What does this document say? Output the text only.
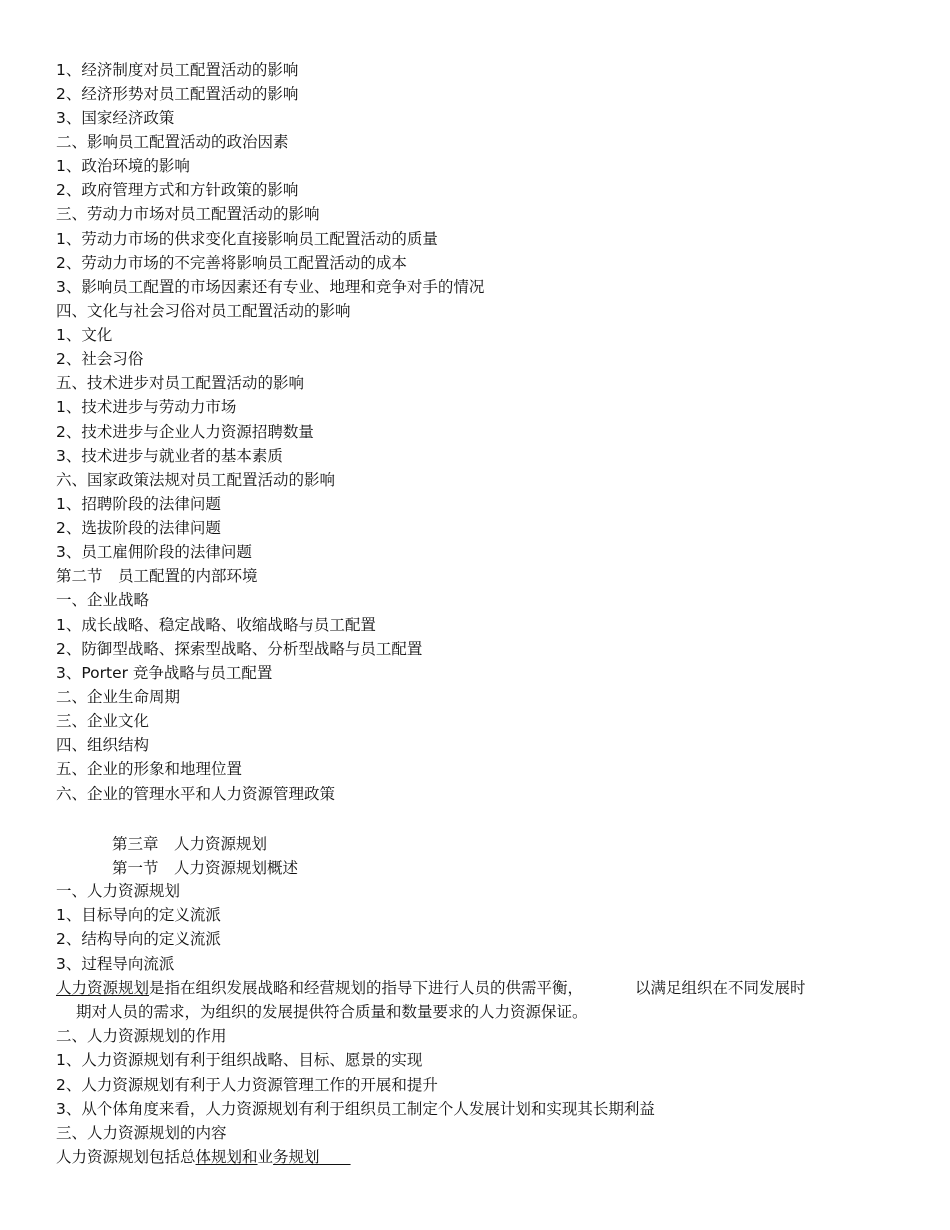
1、经济制度对员工配置活动的影响
2、经济形势对员工配置活动的影响
3、国家经济政策
二、影响员工配置活动的政治因素
1、政治环境的影响
2、政府管理方式和方针政策的影响
三、劳动力市场对员工配置活动的影响
1、劳动力市场的供求变化直接影响员工配置活动的质量
2、劳动力市场的不完善将影响员工配置活动的成本
3、影响员工配置的市场因素还有专业、地理和竞争对手的情况
四、文化与社会习俗对员工配置活动的影响
1、文化
2、社会习俗
五、技术进步对员工配置活动的影响
1、技术进步与劳动力市场
2、技术进步与企业人力资源招聘数量
3、技术进步与就业者的基本素质
六、国家政策法规对员工配置活动的影响
1、招聘阶段的法律问题
2、选拔阶段的法律问题
3、员工雇佣阶段的法律问题
第二节　员工配置的内部环境
一、企业战略
1、成长战略、稳定战略、收缩战略与员工配置
2、防御型战略、探索型战略、分析型战略与员工配置
3、Porter 竞争战略与员工配置
二、企业生命周期
三、企业文化
四、组织结构
五、企业的形象和地理位置
六、企业的管理水平和人力资源管理政策
第三章　人力资源规划
第一节　人力资源规划概述
一、人力资源规划
1、目标导向的定义流派
2、结构导向的定义流派
3、过程导向流派
人力资源规划是指在组织发展战略和经营规划的指导下进行人员的供需平衡，	以满足组织在不同发展时
期对人员的需求，为组织的发展提供符合质量和数量要求的人力资源保证。
二、人力资源规划的作用
1、人力资源规划有利于组织战略、目标、愿景的实现
2、人力资源规划有利于人力资源管理工作的开展和提升
3、从个体角度来看，人力资源规划有利于组织员工制定个人发展计划和实现其长期利益
三、人力资源规划的内容
人力资源规划包括总体规划和业务规划　　
